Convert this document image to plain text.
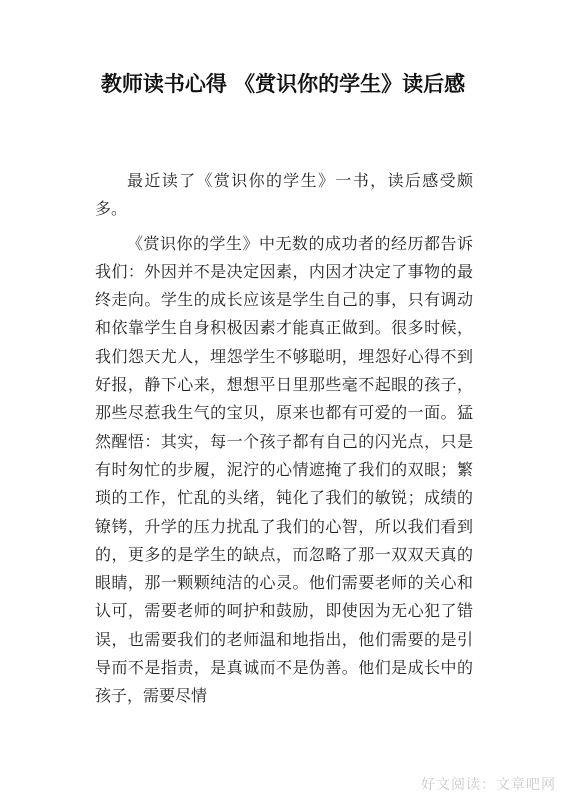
教师读书心得 《赏识你的学生》读后感

最近读了《赏识你的学生》一书，读后感受颇多。

《赏识你的学生》中无数的成功者的经历都告诉我们：外因并不是决定因素，内因才决定了事物的最终走向。学生的成长应该是学生自己的事，只有调动和依靠学生自身积极因素才能真正做到。很多时候，我们怨天尤人，埋怨学生不够聪明，埋怨好心得不到好报，静下心来，想想平日里那些毫不起眼的孩子，那些尽惹我生气的宝贝，原来也都有可爱的一面。猛然醒悟：其实，每一个孩子都有自己的闪光点，只是有时匆忙的步履，泥泞的心情遮掩了我们的双眼；繁琐的工作，忙乱的头绪，钝化了我们的敏锐；成绩的镣铐，升学的压力扰乱了我们的心智，所以我们看到的，更多的是学生的缺点，而忽略了那一双双天真的眼睛，那一颗颗纯洁的心灵。他们需要老师的关心和认可，需要老师的呵护和鼓励，即使因为无心犯了错误，也需要我们的老师温和地指出，他们需要的是引导而不是指责，是真诚而不是伪善。他们是成长中的孩子，需要尽情

好文阅读：文章吧网
